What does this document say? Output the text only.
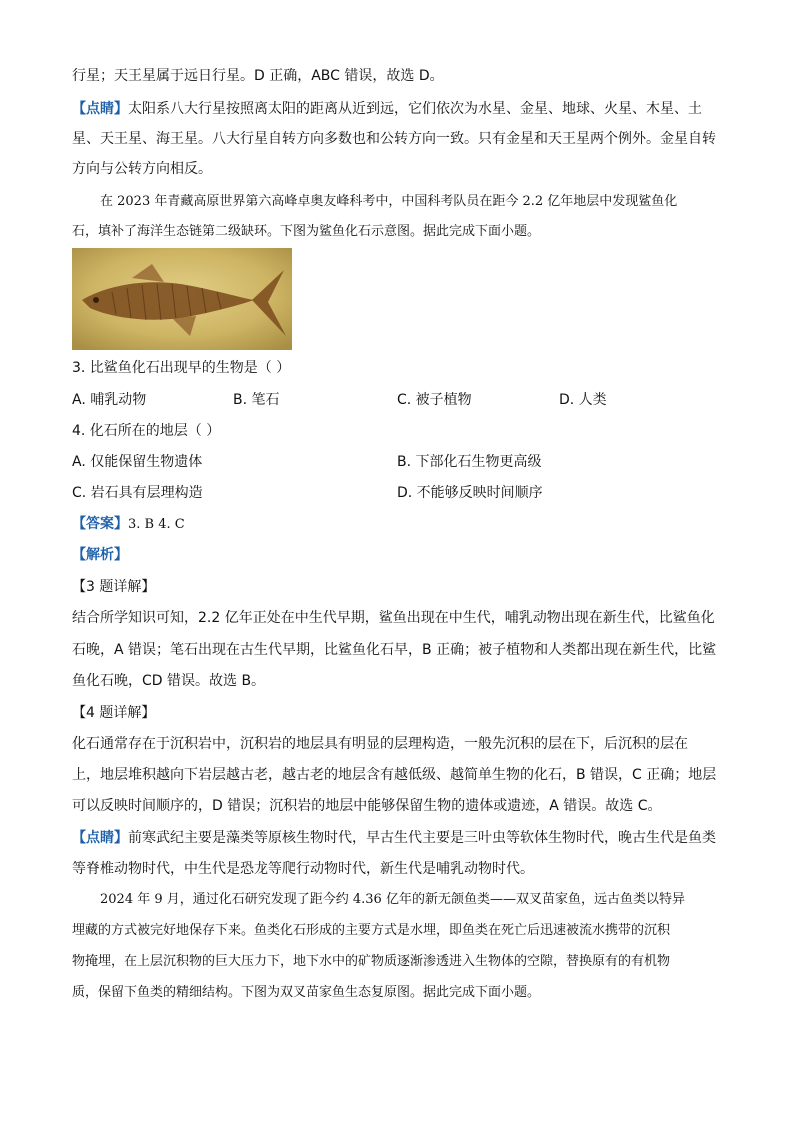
行星；天王星属于远日行星。D 正确，ABC 错误，故选 D。
【点睛】太阳系八大行星按照离太阳的距离从近到远，它们依次为水星、金星、地球、火星、木星、土
星、天王星、海王星。八大行星自转方向多数也和公转方向一致。只有金星和天王星两个例外。金星自转
方向与公转方向相反。
在 2023 年青藏高原世界第六高峰卓奥友峰科考中，中国科考队员在距今 2.2 亿年地层中发现鲨鱼化
石，填补了海洋生态链第二级缺环。下图为鲨鱼化石示意图。据此完成下面小题。
3. 比鲨鱼化石出现早的生物是（ ）
A. 哺乳动物	B. 笔石	C. 被子植物	D. 人类
4. 化石所在的地层（ ）
A. 仅能保留生物遗体	B. 下部化石生物更高级
C. 岩石具有层理构造	D. 不能够反映时间顺序
【答案】3. B 4. C
【解析】
【3 题详解】
结合所学知识可知，2.2 亿年正处在中生代早期，鲨鱼出现在中生代，哺乳动物出现在新生代，比鲨鱼化
石晚，A 错误；笔石出现在古生代早期，比鲨鱼化石早，B 正确；被子植物和人类都出现在新生代，比鲨
鱼化石晚，CD 错误。故选 B。
【4 题详解】
化石通常存在于沉积岩中，沉积岩的地层具有明显的层理构造，一般先沉积的层在下，后沉积的层在
上，地层堆积越向下岩层越古老，越古老的地层含有越低级、越简单生物的化石，B 错误，C 正确；地层
可以反映时间顺序的，D 错误；沉积岩的地层中能够保留生物的遗体或遗迹，A 错误。故选 C。
【点睛】前寒武纪主要是藻类等原核生物时代，早古生代主要是三叶虫等软体生物时代，晚古生代是鱼类
等脊椎动物时代，中生代是恐龙等爬行动物时代，新生代是哺乳动物时代。
2024 年 9 月，通过化石研究发现了距今约 4.36 亿年的新无颌鱼类——双叉苗家鱼，远古鱼类以特异
埋藏的方式被完好地保存下来。鱼类化石形成的主要方式是水埋，即鱼类在死亡后迅速被流水携带的沉积
物掩埋，在上层沉积物的巨大压力下，地下水中的矿物质逐渐渗透进入生物体的空隙，替换原有的有机物
质，保留下鱼类的精细结构。下图为双叉苗家鱼生态复原图。据此完成下面小题。
